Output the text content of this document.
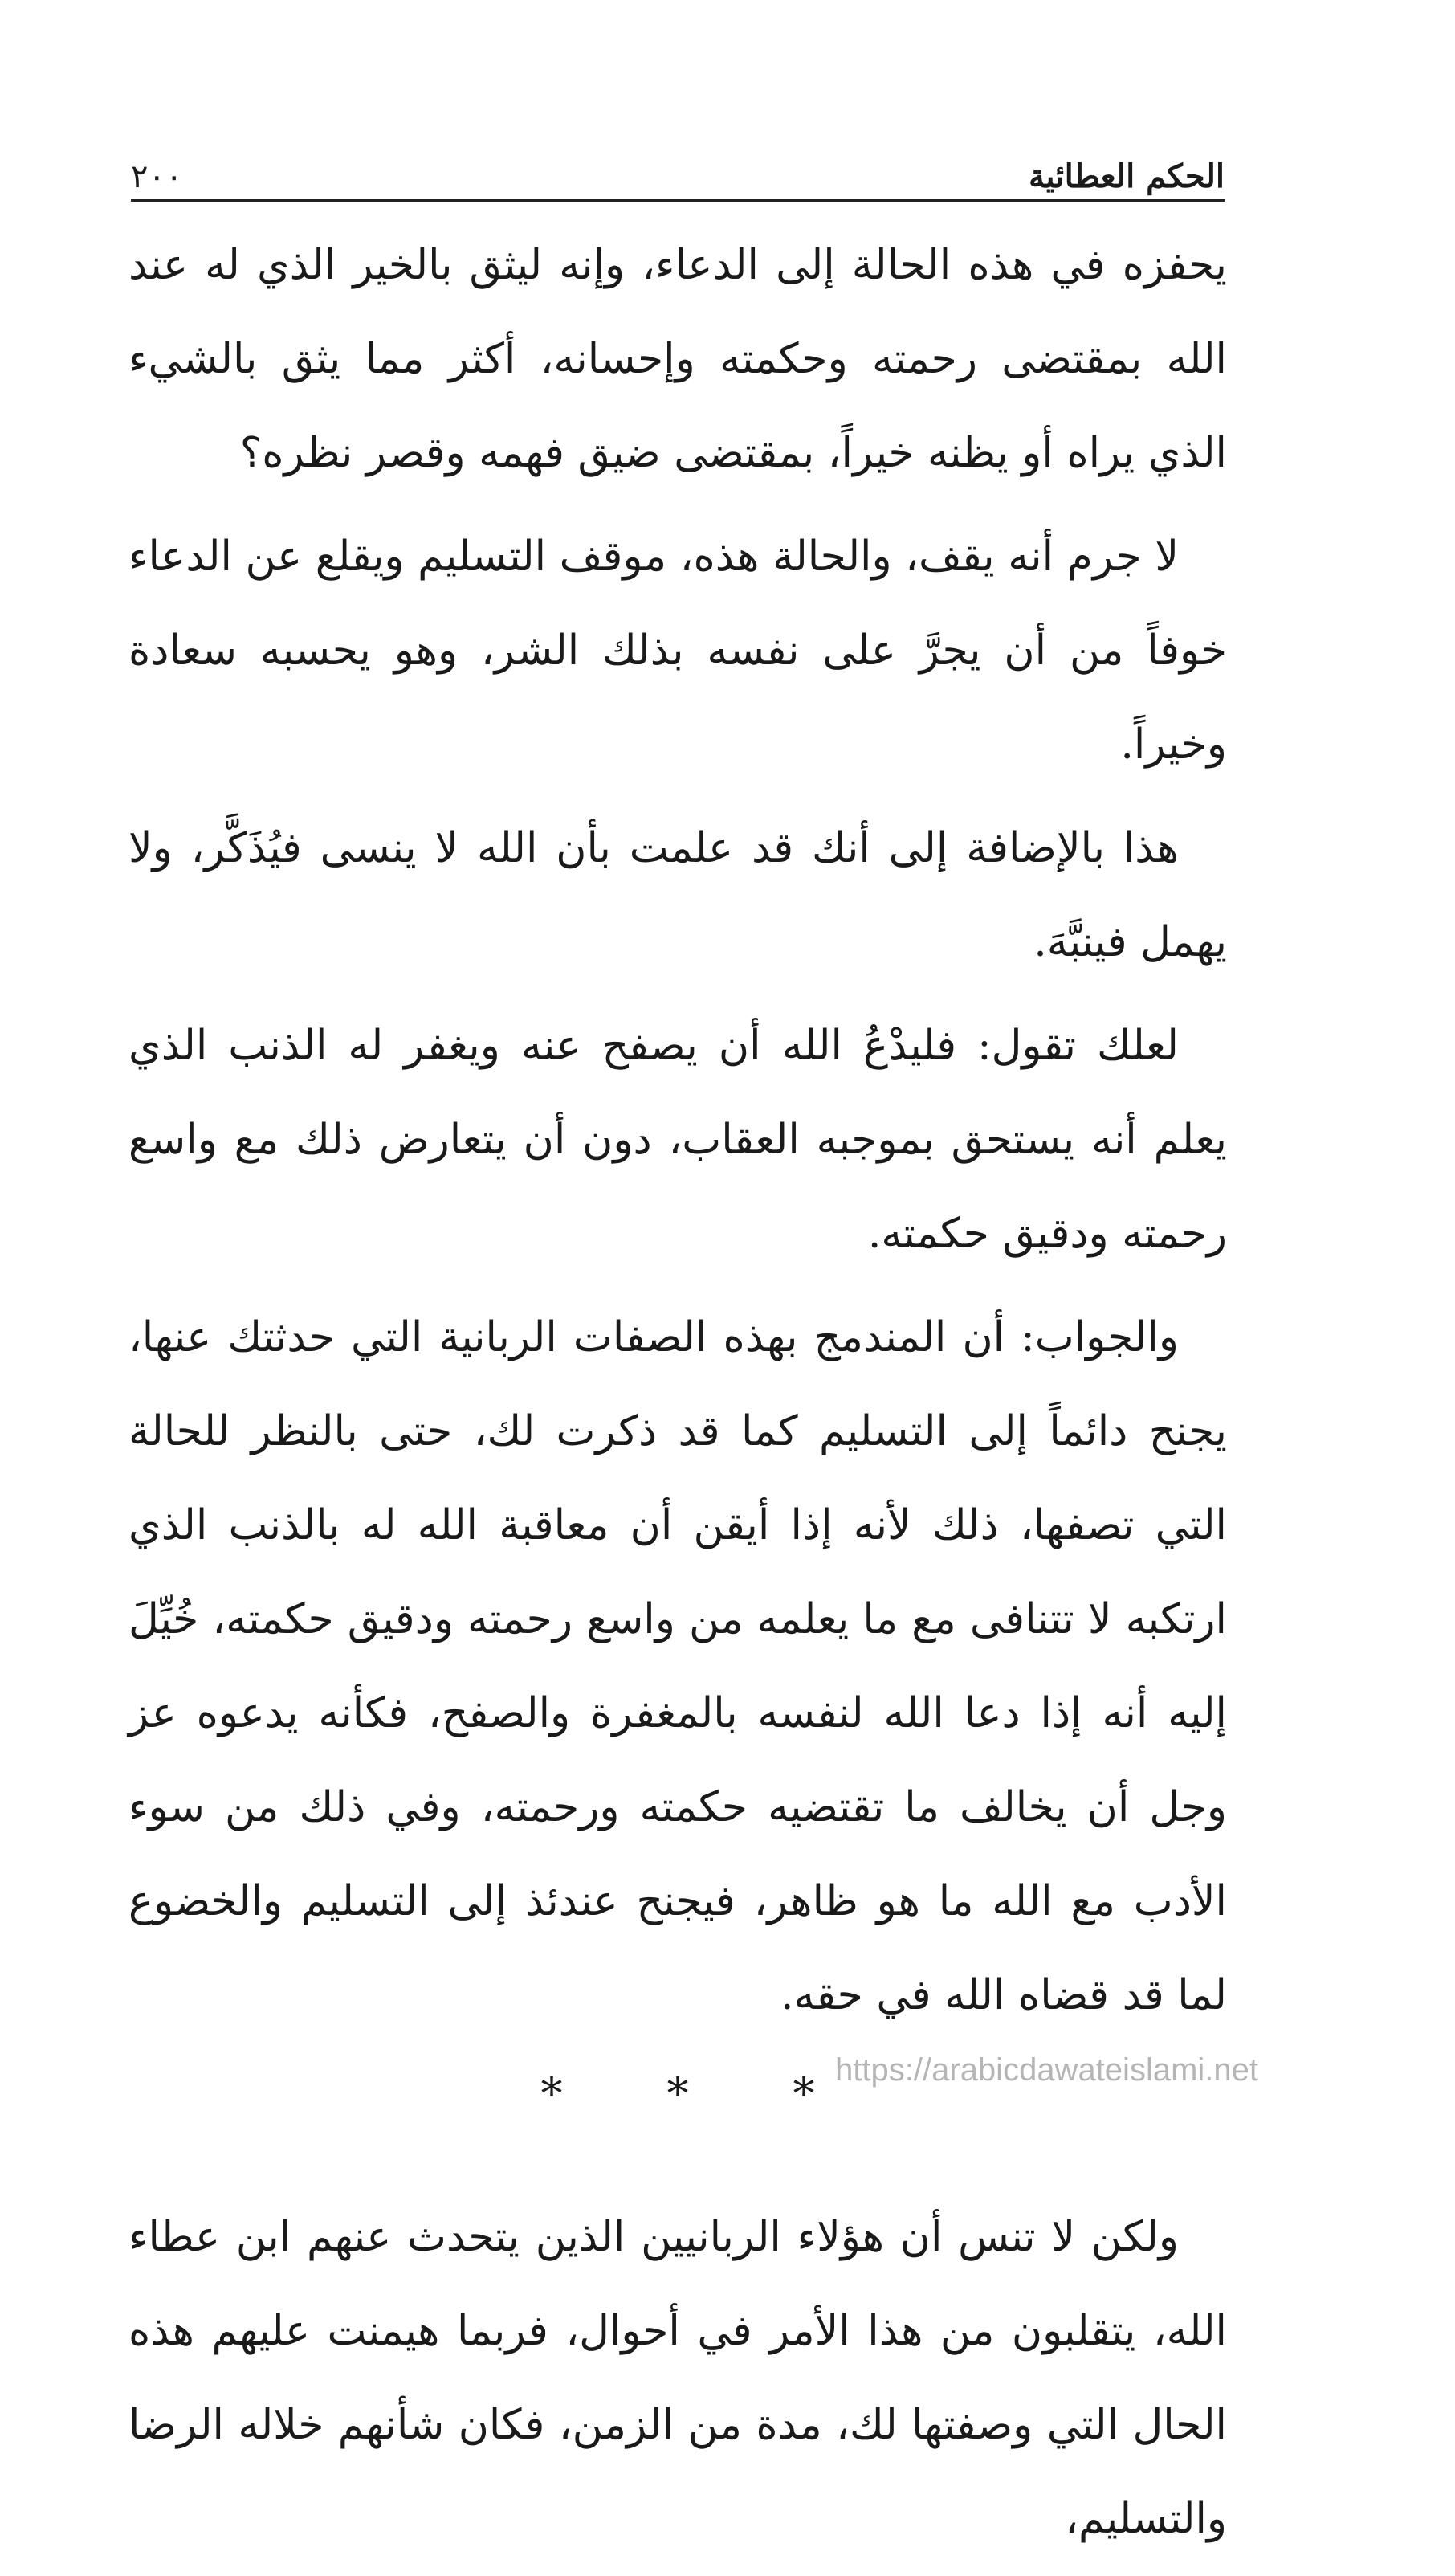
الحكم العطائية
٢٠٠

يحفزه في هذه الحالة إلى الدعاء، وإنه ليثق بالخير الذي له عند الله بمقتضى رحمته وحكمته وإحسانه، أكثر مما يثق بالشيء الذي يراه أو يظنه خيراً، بمقتضى ضيق فهمه وقصر نظره؟

لا جرم أنه يقف، والحالة هذه، موقف التسليم ويقلع عن الدعاء خوفاً من أن يجرَّ على نفسه بذلك الشر، وهو يحسبه سعادة وخيراً.

هذا بالإضافة إلى أنك قد علمت بأن الله لا ينسى فيُذَكَّر، ولا يهمل فينبَّهَ.

لعلك تقول: فليدْعُ الله أن يصفح عنه ويغفر له الذنب الذي يعلم أنه يستحق بموجبه العقاب، دون أن يتعارض ذلك مع واسع رحمته ودقيق حكمته.

والجواب: أن المندمج بهذه الصفات الربانية التي حدثتك عنها، يجنح دائماً إلى التسليم كما قد ذكرت لك، حتى بالنظر للحالة التي تصفها، ذلك لأنه إذا أيقن أن معاقبة الله له بالذنب الذي ارتكبه لا تتنافى مع ما يعلمه من واسع رحمته ودقيق حكمته، خُيِّلَ إليه أنه إذا دعا الله لنفسه بالمغفرة والصفح، فكأنه يدعوه عز وجل أن يخالف ما تقتضيه حكمته ورحمته، وفي ذلك من سوء الأدب مع الله ما هو ظاهر، فيجنح عندئذ إلى التسليم والخضوع لما قد قضاه الله في حقه.

* * *

ولكن لا تنس أن هؤلاء الربانيين الذين يتحدث عنهم ابن عطاء الله، يتقلبون من هذا الأمر في أحوال، فربما هيمنت عليهم هذه الحال التي وصفتها لك، مدة من الزمن، فكان شأنهم خلاله الرضا والتسليم،

https://arabicdawateislami.net
